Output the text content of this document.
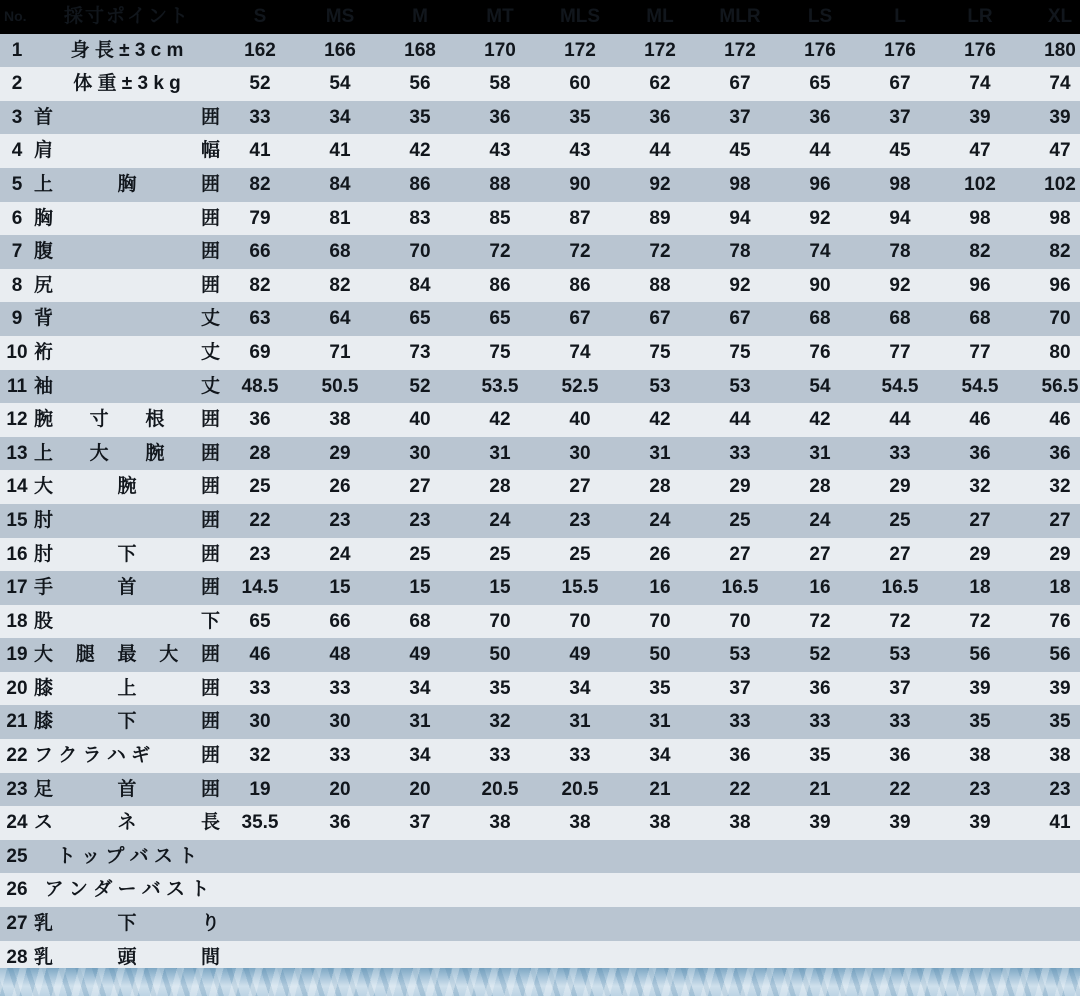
No.	採寸ポイント	S	MS	M	MT	MLS	ML	MLR	LS	L	LR	XL
1	身 長 ± 3 c m	162	166	168	170	172	172	172	176	176	176	180
2	体 重 ± 3 k g	52	54	56	58	60	62	67	65	67	74	74
3	首 囲	33	34	35	36	35	36	37	36	37	39	39
4	肩 幅	41	41	42	43	43	44	45	44	45	47	47
5	上 胸 囲	82	84	86	88	90	92	98	96	98	102	102
6	胸 囲	79	81	83	85	87	89	94	92	94	98	98
7	腹 囲	66	68	70	72	72	72	78	74	78	82	82
8	尻 囲	82	82	84	86	86	88	92	90	92	96	96
9	背 丈	63	64	65	65	67	67	67	68	68	68	70
10	裄 丈	69	71	73	75	74	75	75	76	77	77	80
11	袖 丈	48.5	50.5	52	53.5	52.5	53	53	54	54.5	54.5	56.5
12	腕 寸 根 囲	36	38	40	42	40	42	44	42	44	46	46
13	上 大 腕 囲	28	29	30	31	30	31	33	31	33	36	36
14	大 腕 囲	25	26	27	28	27	28	29	28	29	32	32
15	肘 囲	22	23	23	24	23	24	25	24	25	27	27
16	肘 下 囲	23	24	25	25	25	26	27	27	27	29	29
17	手 首 囲	14.5	15	15	15	15.5	16	16.5	16	16.5	18	18
18	股 下	65	66	68	70	70	70	70	72	72	72	76
19	大 腿 最 大 囲	46	48	49	50	49	50	53	52	53	56	56
20	膝 上 囲	33	33	34	35	34	35	37	36	37	39	39
21	膝 下 囲	30	30	31	32	31	31	33	33	33	35	35
22	フ ク ラ ハ ギ 囲	32	33	34	33	33	34	36	35	36	38	38
23	足 首 囲	19	20	20	20.5	20.5	21	22	21	22	23	23
24	ス ネ 長	35.5	36	37	38	38	38	38	39	39	39	41
25	ト ッ プ バ ス ト											
26	ア ン ダ ー バ ス ト											
27	乳 下 り											

28	乳 頭 間											
